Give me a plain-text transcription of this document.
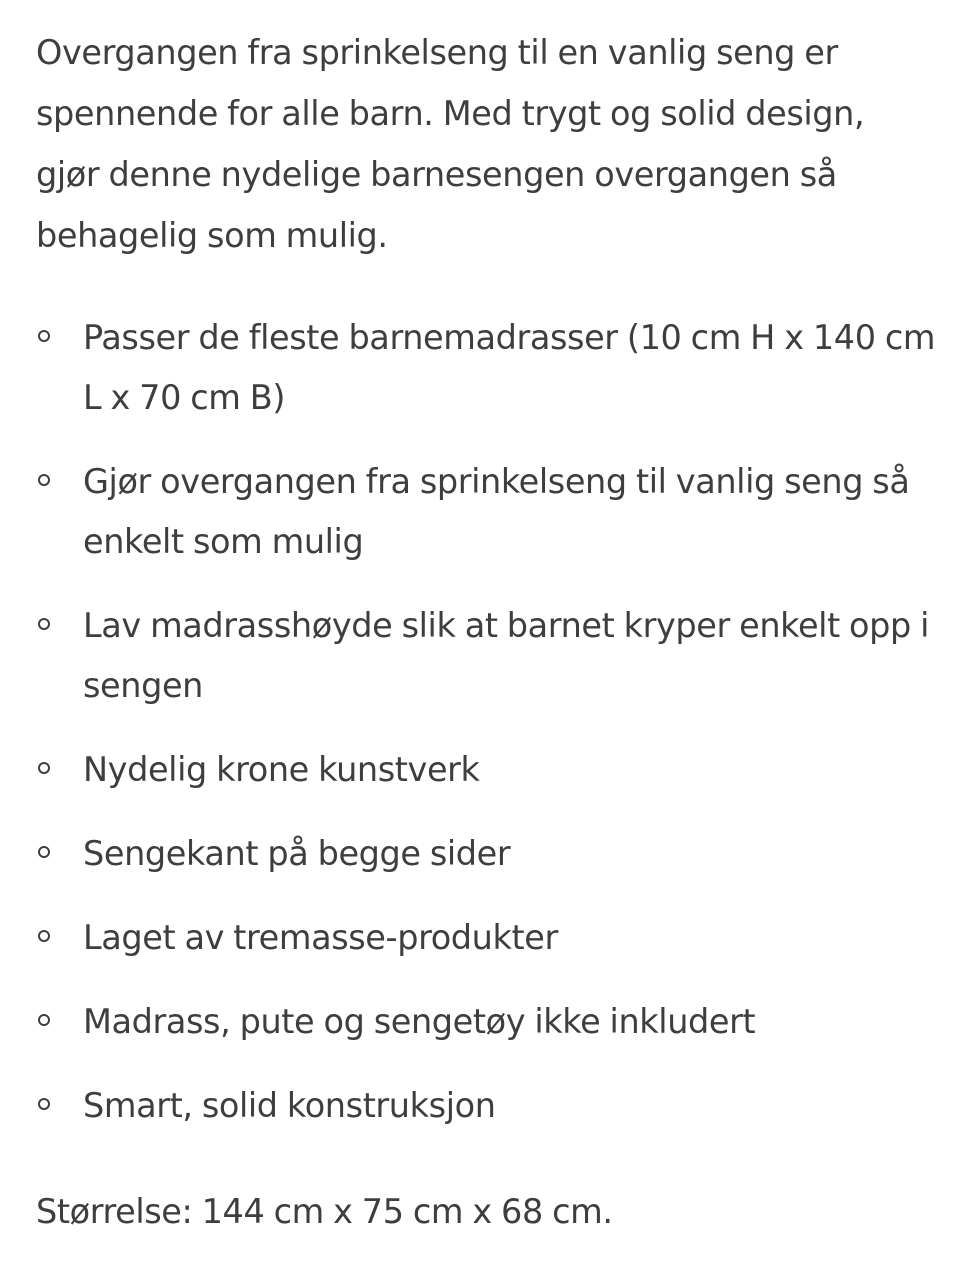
Overgangen fra sprinkelseng til en vanlig seng er spennende for alle barn. Med trygt og solid design, gjør denne nydelige barnesengen overgangen så behagelig som mulig.

Passer de fleste barnemadrasser (10 cm H x 140 cm L x 70 cm B)
Gjør overgangen fra sprinkelseng til vanlig seng så enkelt som mulig
Lav madrasshøyde slik at barnet kryper enkelt opp i sengen
Nydelig krone kunstverk
Sengekant på begge sider
Laget av tremasse-produkter
Madrass, pute og sengetøy ikke inkludert
Smart, solid konstruksjon

Størrelse: 144 cm x 75 cm x 68 cm.
